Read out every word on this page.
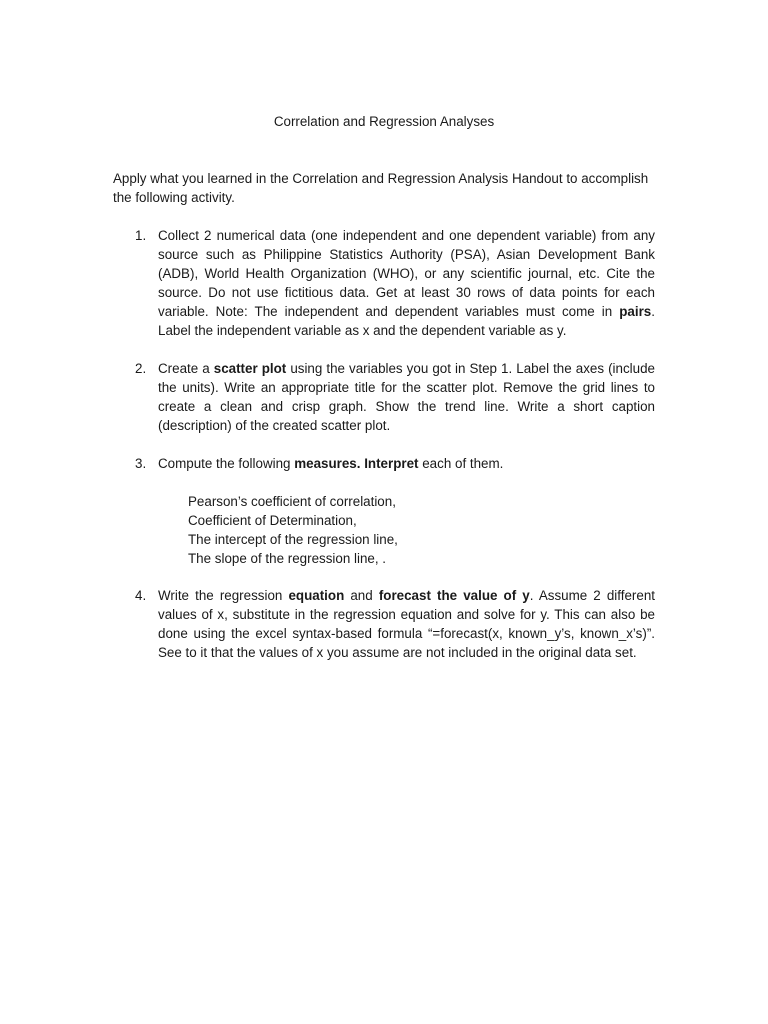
Correlation and Regression Analyses
Apply what you learned in the Correlation and Regression Analysis Handout to accomplish the following activity.
1. Collect 2 numerical data (one independent and one dependent variable) from any source such as Philippine Statistics Authority (PSA), Asian Development Bank (ADB), World Health Organization (WHO), or any scientific journal, etc. Cite the source. Do not use fictitious data. Get at least 30 rows of data points for each variable. Note: The independent and dependent variables must come in pairs. Label the independent variable as x and the dependent variable as y.
2. Create a scatter plot using the variables you got in Step 1. Label the axes (include the units). Write an appropriate title for the scatter plot. Remove the grid lines to create a clean and crisp graph. Show the trend line. Write a short caption (description) of the created scatter plot.
3. Compute the following measures. Interpret each of them.
Pearson’s coefficient of correlation,
Coefficient of Determination,
The intercept of the regression line,
The slope of the regression line, .
4. Write the regression equation and forecast the value of y. Assume 2 different values of x, substitute in the regression equation and solve for y. This can also be done using the excel syntax-based formula “=forecast(x, known_y’s, known_x’s)”. See to it that the values of x you assume are not included in the original data set.
